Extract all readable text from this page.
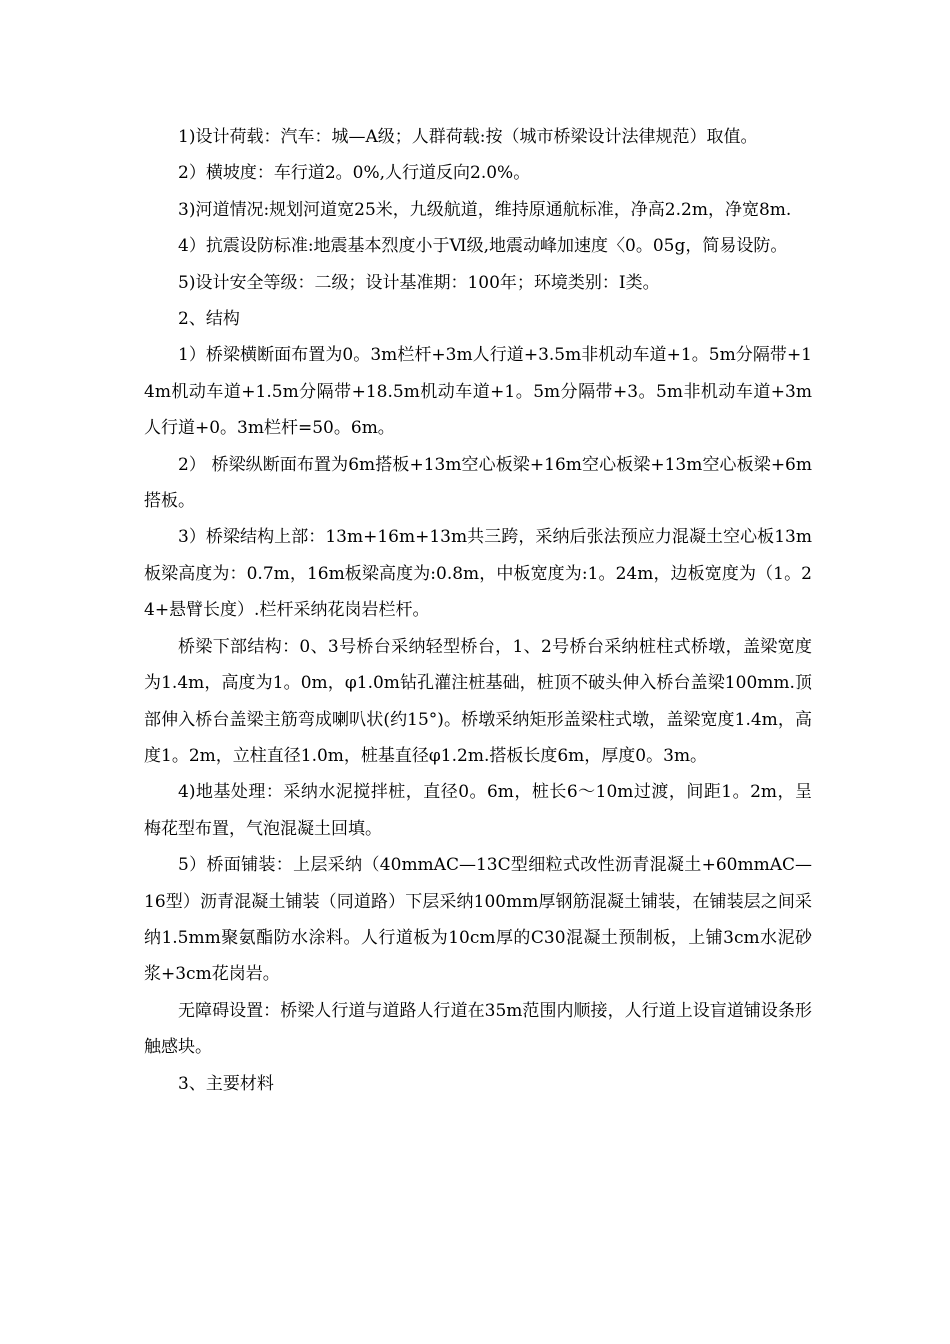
1)设计荷载：汽车：城—A级；人群荷载:按（城市桥梁设计法律规范）取值。

2）横坡度：车行道2。0%,人行道反向2.0%。

3)河道情况:规划河道宽25米，九级航道，维持原通航标准，净高2.2m，净宽8m.

4）抗震设防标准:地震基本烈度小于Ⅵ级,地震动峰加速度〈0。05g，简易设防。

5)设计安全等级：二级；设计基准期：100年；环境类别：Ⅰ类。

2、结构

1）桥梁横断面布置为0。3m栏杆+3m人行道+3.5m非机动车道+1。5m分隔带+14m机动车道+1.5m分隔带+18.5m机动车道+1。5m分隔带+3。5m非机动车道+3m人行道+0。3m栏杆=50。6m。

2） 桥梁纵断面布置为6m搭板+13m空心板梁+16m空心板梁+13m空心板梁+6m搭板。

3）桥梁结构上部：13m+16m+13m共三跨，采纳后张法预应力混凝土空心板13m板梁高度为：0.7m，16m板梁高度为:0.8m，中板宽度为:1。24m，边板宽度为（1。24+悬臂长度）.栏杆采纳花岗岩栏杆。

桥梁下部结构：0、3号桥台采纳轻型桥台，1、2号桥台采纳桩柱式桥墩，盖梁宽度为1.4m，高度为1。0m，φ1.0m钻孔灌注桩基础，桩顶不破头伸入桥台盖梁100mm.顶部伸入桥台盖梁主筋弯成喇叭状(约15°)。桥墩采纳矩形盖梁柱式墩，盖梁宽度1.4m，高度1。2m，立柱直径1.0m，桩基直径φ1.2m.搭板长度6m，厚度0。3m。

4)地基处理：采纳水泥搅拌桩，直径0。6m，桩长6～10m过渡，间距1。2m，呈梅花型布置，气泡混凝土回填。

5）桥面铺装：上层采纳（40mmAC—13C型细粒式改性沥青混凝土+60mmAC—16型）沥青混凝土铺装（同道路）下层采纳100mm厚钢筋混凝土铺装，在铺装层之间采纳1.5mm聚氨酯防水涂料。人行道板为10cm厚的C30混凝土预制板，上铺3cm水泥砂浆+3cm花岗岩。

无障碍设置：桥梁人行道与道路人行道在35m范围内顺接，人行道上设盲道铺设条形触感块。

3、主要材料
